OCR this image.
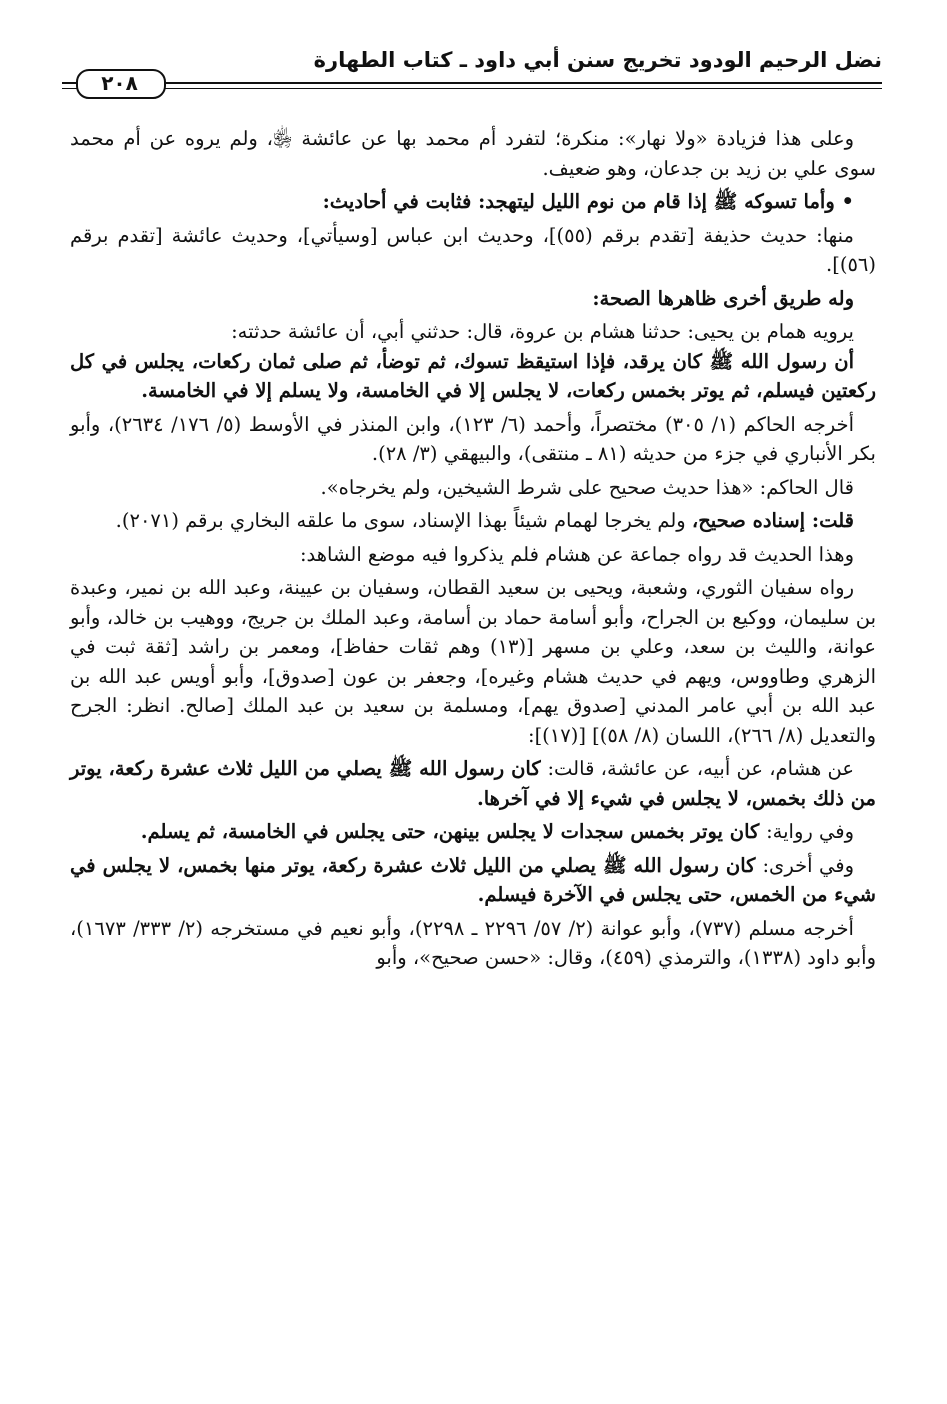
نضل الرحيم الودود تخريج سنن أبي داود ـ كتاب الطهارة
٢٠٨

وعلى هذا فزيادة «ولا نهار»: منكرة؛ لتفرد أم محمد بها عن عائشة ﵂، ولم يروه عن أم محمد سوى علي بن زيد بن جدعان، وهو ضعيف.

• وأما تسوكه ﷺ إذا قام من نوم الليل ليتهجد: فثابت في أحاديث:

منها: حديث حذيفة [تقدم برقم (٥٥)]، وحديث ابن عباس [وسيأتي]، وحديث عائشة [تقدم برقم (٥٦)].

وله طريق أخرى ظاهرها الصحة:

يرويه همام بن يحيى: حدثنا هشام بن عروة، قال: حدثني أبي، أن عائشة حدثته:
أن رسول الله ﷺ كان يرقد، فإذا استيقظ تسوك، ثم توضأ، ثم صلى ثمان ركعات، يجلس في كل ركعتين فيسلم، ثم يوتر بخمس ركعات، لا يجلس إلا في الخامسة، ولا يسلم إلا في الخامسة.

أخرجه الحاكم (١/ ٣٠٥) مختصراً، وأحمد (٦/ ١٢٣)، وابن المنذر في الأوسط (٥/ ١٧٦/ ٢٦٣٤)، وأبو بكر الأنباري في جزء من حديثه (٨١ ـ منتقى)، والبيهقي (٣/ ٢٨).

قال الحاكم: «هذا حديث صحيح على شرط الشيخين، ولم يخرجاه».

قلت: إسناده صحيح، ولم يخرجا لهمام شيئاً بهذا الإسناد، سوى ما علقه البخاري برقم (٢٠٧١).

وهذا الحديث قد رواه جماعة عن هشام فلم يذكروا فيه موضع الشاهد:

رواه سفيان الثوري، وشعبة، ويحيى بن سعيد القطان، وسفيان بن عيينة، وعبد الله بن نمير، وعبدة بن سليمان، ووكيع بن الجراح، وأبو أسامة حماد بن أسامة، وعبد الملك بن جريج، ووهيب بن خالد، وأبو عوانة، والليث بن سعد، وعلي بن مسهر [(١٣) وهم ثقات حفاظ]، ومعمر بن راشد [ثقة ثبت في الزهري وطاووس، ويهم في حديث هشام وغيره]، وجعفر بن عون [صدوق]، وأبو أويس عبد الله بن عبد الله بن أبي عامر المدني [صدوق يهم]، ومسلمة بن سعيد بن عبد الملك [صالح. انظر: الجرح والتعديل (٨/ ٢٦٦)، اللسان (٨/ ٥٨)] [(١٧)]:

عن هشام، عن أبيه، عن عائشة، قالت: كان رسول الله ﷺ يصلي من الليل ثلاث عشرة ركعة، يوتر من ذلك بخمس، لا يجلس في شيء إلا في آخرها.

وفي رواية: كان يوتر بخمس سجدات لا يجلس بينهن، حتى يجلس في الخامسة، ثم يسلم.

وفي أخرى: كان رسول الله ﷺ يصلي من الليل ثلاث عشرة ركعة، يوتر منها بخمس، لا يجلس في شيء من الخمس، حتى يجلس في الآخرة فيسلم.

أخرجه مسلم (٧٣٧)، وأبو عوانة (٢/ ٥٧/ ٢٢٩٦ ـ ٢٢٩٨)، وأبو نعيم في مستخرجه (٢/ ٣٣٣/ ١٦٧٣)، وأبو داود (١٣٣٨)، والترمذي (٤٥٩)، وقال: «حسن صحيح»، وأبو
